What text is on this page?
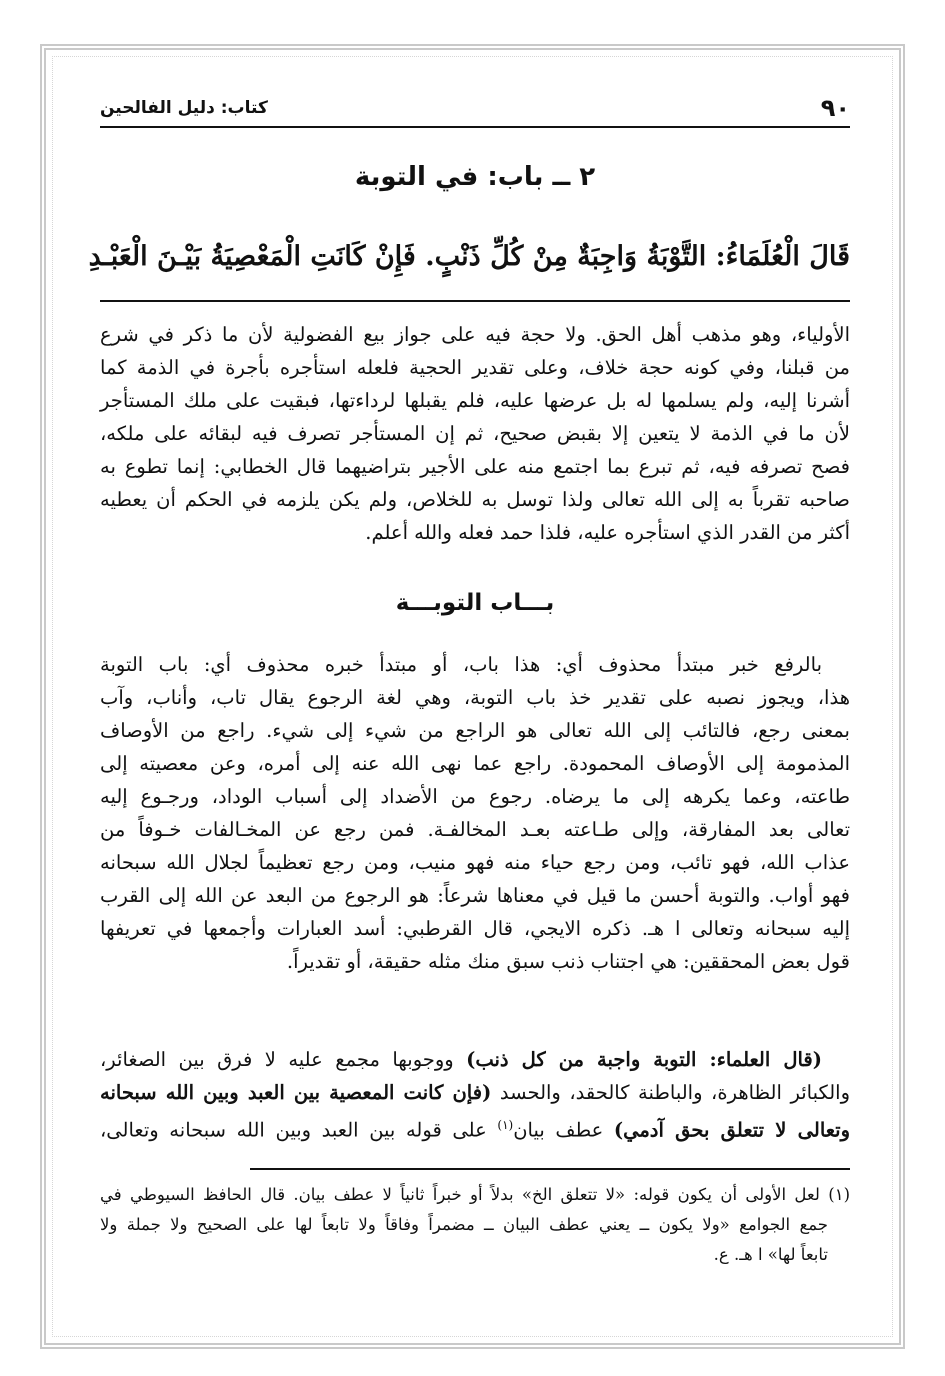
٩٠
كتاب: دليل الفالحين
٢ ــ باب: في التوبة
قَالَ الْعُلَمَاءُ: التَّوْبَةُ وَاجِبَةٌ مِنْ كُلِّ ذَنْبٍ. فَإِنْ كَانَتِ الْمَعْصِيَةُ بَيْـنَ الْعَبْـدِ
الأولياء، وهو مذهب أهل الحق. ولا حجة فيه على جواز بيع الفضولية لأن ما ذكر في شرع
من قبلنا، وفي كونه حجة خلاف، وعلى تقدير الحجية فلعله استأجره بأجرة في الذمة كما
أشرنا إليه، ولم يسلمها له بل عرضها عليه، فلم يقبلها لرداءتها، فبقيت على ملك المستأجر
لأن ما في الذمة لا يتعين إلا بقبض صحيح، ثم إن المستأجر تصرف فيه لبقائه على ملكه،
فصح تصرفه فيه، ثم تبرع بما اجتمع منه على الأجير بتراضيهما قال الخطابي: إنما تطوع به
صاحبه تقرباً به إلى الله تعالى ولذا توسل به للخلاص، ولم يكن يلزمه في الحكم أن يعطيه
أكثر من القدر الذي استأجره عليه، فلذا حمد فعله والله أعلم.
بـــاب التوبـــة
بالرفع خبر مبتدأ محذوف أي: هذا باب، أو مبتدأ خبره محذوف أي: باب التوبة
هذا، ويجوز نصبه على تقدير خذ باب التوبة، وهي لغة الرجوع يقال تاب، وأناب، وآب
بمعنى رجع، فالتائب إلى الله تعالى هو الراجع من شيء إلى شيء. راجع من الأوصاف
المذمومة إلى الأوصاف المحمودة. راجع عما نهى الله عنه إلى أمره، وعن معصيته إلى
طاعته، وعما يكرهه إلى ما يرضاه. رجوع من الأضداد إلى أسباب الوداد، ورجـوع إليه
تعالى بعد المفارقة، وإلى طـاعته بعـد المخالفـة. فمن رجع عن المخـالفات خـوفاً من
عذاب الله، فهو تائب، ومن رجع حياء منه فهو منيب، ومن رجع تعظيماً لجلال الله سبحانه
فهو أواب. والتوبة أحسن ما قيل في معناها شرعاً: هو الرجوع من البعد عن الله إلى القرب
إليه سبحانه وتعالى ا هـ. ذكره الايجي، قال القرطبي: أسد العبارات وأجمعها في تعريفها
قول بعض المحققين: هي اجتناب ذنب سبق منك مثله حقيقة، أو تقديراً.
(قال العلماء: التوبة واجبة من كل ذنب) ووجوبها مجمع عليه لا فرق بين الصغائر،
والكبائر الظاهرة، والباطنة كالحقد، والحسد (فإن كانت المعصية بين العبد وبين الله سبحانه
وتعالى لا تتعلق بحق آدمي) عطف بيان$^{(١)}$ على قوله بين العبد وبين الله سبحانه وتعالى،
(١) لعل الأولى أن يكون قوله: «لا تتعلق الخ» بدلاً أو خبراً ثانياً لا عطف بيان. قال الحافظ السيوطي في
جمع الجوامع «ولا يكون ــ يعني عطف البيان ــ مضمراً وفاقاً ولا تابعاً لها على الصحيح ولا جملة ولا
تابعاً لها» ا هـ. ع.
